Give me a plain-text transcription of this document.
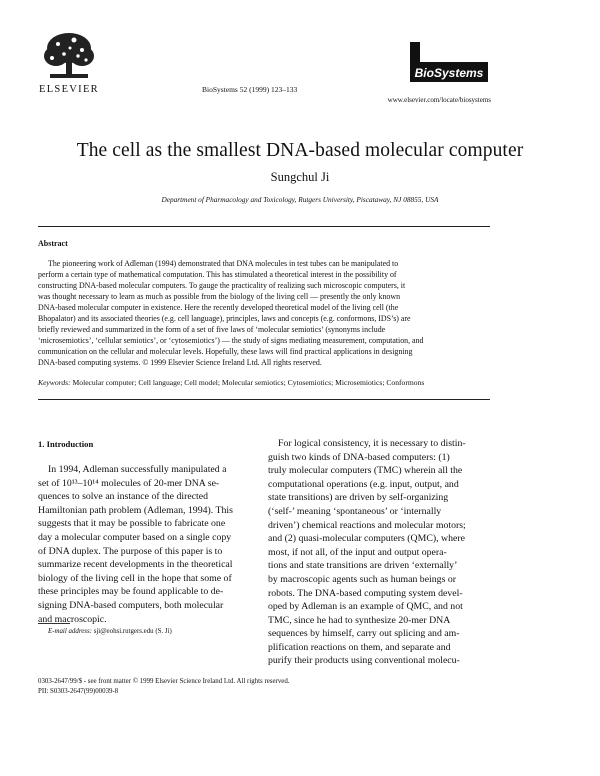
ELSEVIER	BioSystems 52 (1999) 123–133
BioSystems
www.elsevier.com/locate/biosystems
The cell as the smallest DNA-based molecular computer
Sungchul Ji
Department of Pharmacology and Toxicology, Rutgers University, Piscataway, NJ 08855, USA
Abstract
The pioneering work of Adleman (1994) demonstrated that DNA molecules in test tubes can be manipulated to
perform a certain type of mathematical computation. This has stimulated a theoretical interest in the possibility of
constructing DNA-based molecular computers. To gauge the practicality of realizing such microscopic computers, it
was thought necessary to learn as much as possible from the biology of the living cell — presently the only known
DNA-based molecular computer in existence. Here the recently developed theoretical model of the living cell (the
Bhopalator) and its associated theories (e.g. cell language), principles, laws and concepts (e.g. conformons, IDS’s) are
briefly reviewed and summarized in the form of a set of five laws of ‘molecular semiotics’ (synonyms include
‘microsemiotics’, ‘cellular semiotics’, or ‘cytosemiotics’) — the study of signs mediating measurement, computation, and
communication on the cellular and molecular levels. Hopefully, these laws will find practical applications in designing
DNA-based computing systems. © 1999 Elsevier Science Ireland Ltd. All rights reserved.
Keywords: Molecular computer; Cell language; Cell model; Molecular semiotics; Cytosemiotics; Microsemiotics; Conformons
1. Introduction
In 1994, Adleman successfully manipulated a
set of 10¹³–10¹⁴ molecules of 20-mer DNA se-
quences to solve an instance of the directed
Hamiltonian path problem (Adleman, 1994). This
suggests that it may be possible to fabricate one
day a molecular computer based on a single copy
of DNA duplex. The purpose of this paper is to
summarize recent developments in the theoretical
biology of the living cell in the hope that some of
these principles may be found applicable to de-
For logical consistency, it is necessary to distin-
guish two kinds of DNA-based computers: (1)
truly molecular computers (TMC) wherein all the
computational operations (e.g. input, output, and
state transitions) are driven by self-organizing
(‘self-’ meaning ‘spontaneous’ or ‘internally
driven’) chemical reactions and molecular motors;
and (2) quasi-molecular computers (QMC), where
most, if not all, of the input and output opera-
tions and state transitions are driven ‘externally’
by macroscopic agents such as human beings or
robots. The DNA-based computing system devel-
oped by Adleman is an example of QMC, and not
TMC, since he had to synthesize 20-mer DNA
sequences by himself, carry out splicing and am-
plification reactions on them, and separate and
purify their products using conventional molecu-
E-mail address: sji@eohsi.rutgers.edu (S. Ji)
0303-2647/99/$ - see front matter © 1999 Elsevier Science Ireland Ltd. All rights reserved.
PII: S0303-2647(99)00039-8
signing DNA-based computers, both molecular
and macroscopic.
